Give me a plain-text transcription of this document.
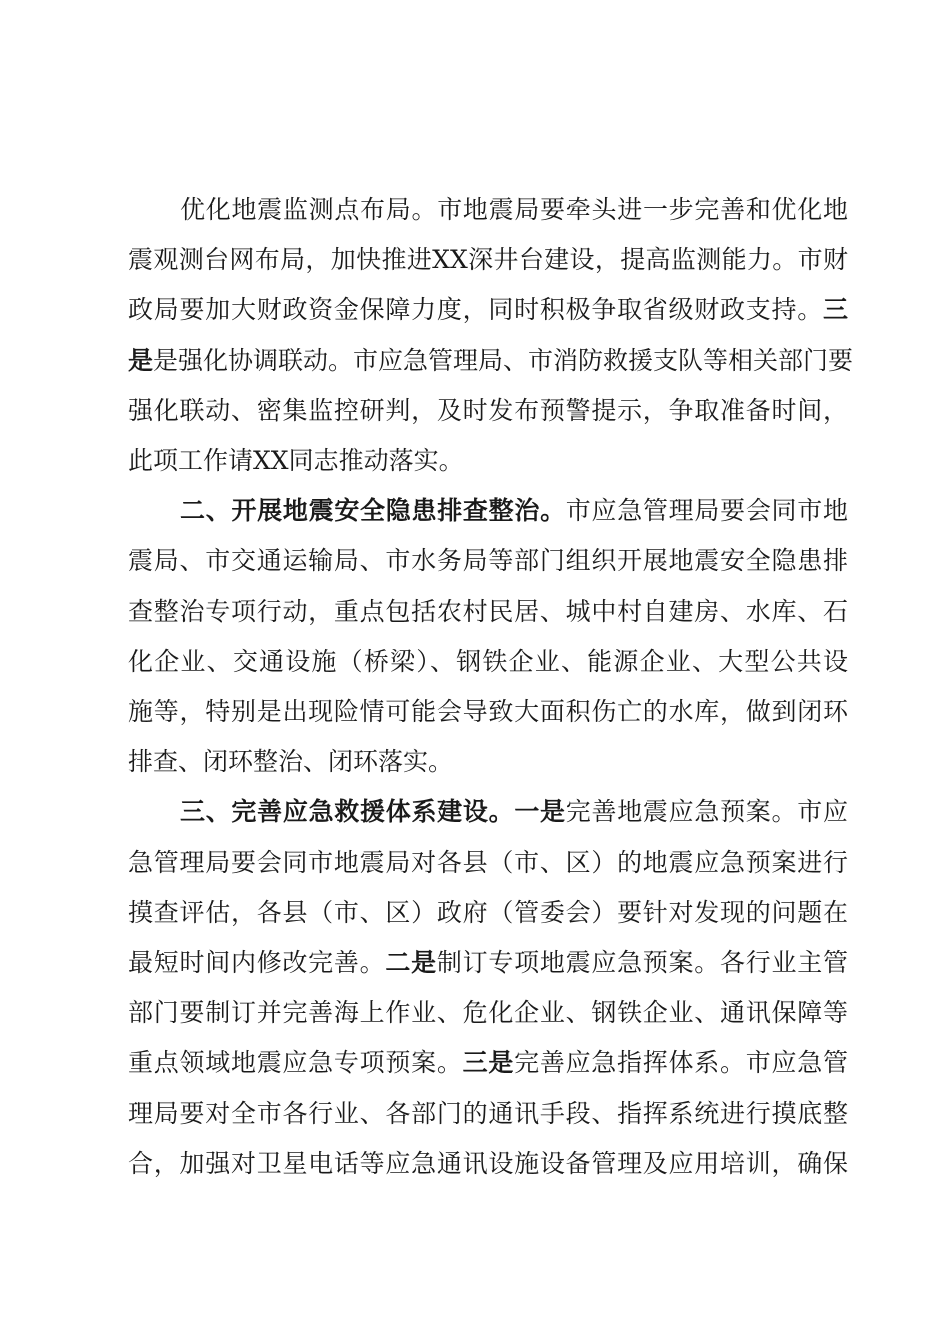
优化地震监测点布局。市地震局要牵头进一步完善和优化地
震观测台网布局，加快推进XX深井台建设，提高监测能力。市财
政局要加大财政资金保障力度，同时积极争取省级财政支持。三
是是强化协调联动。市应急管理局、市消防救援支队等相关部门要
强化联动、密集监控研判，及时发布预警提示，争取准备时间，
此项工作请XX同志推动落实。
二、开展地震安全隐患排查整治。市应急管理局要会同市地
震局、市交通运输局、市水务局等部门组织开展地震安全隐患排
查整治专项行动，重点包括农村民居、城中村自建房、水库、石
化企业、交通设施（桥梁）、钢铁企业、能源企业、大型公共设
施等，特别是出现险情可能会导致大面积伤亡的水库，做到闭环
排查、闭环整治、闭环落实。
三、完善应急救援体系建设。一是完善地震应急预案。市应
急管理局要会同市地震局对各县（市、区）的地震应急预案进行
摸查评估，各县（市、区）政府（管委会）要针对发现的问题在
最短时间内修改完善。二是制订专项地震应急预案。各行业主管
部门要制订并完善海上作业、危化企业、钢铁企业、通讯保障等
重点领域地震应急专项预案。三是完善应急指挥体系。市应急管
理局要对全市各行业、各部门的通讯手段、指挥系统进行摸底整
合，加强对卫星电话等应急通讯设施设备管理及应用培训，确保
